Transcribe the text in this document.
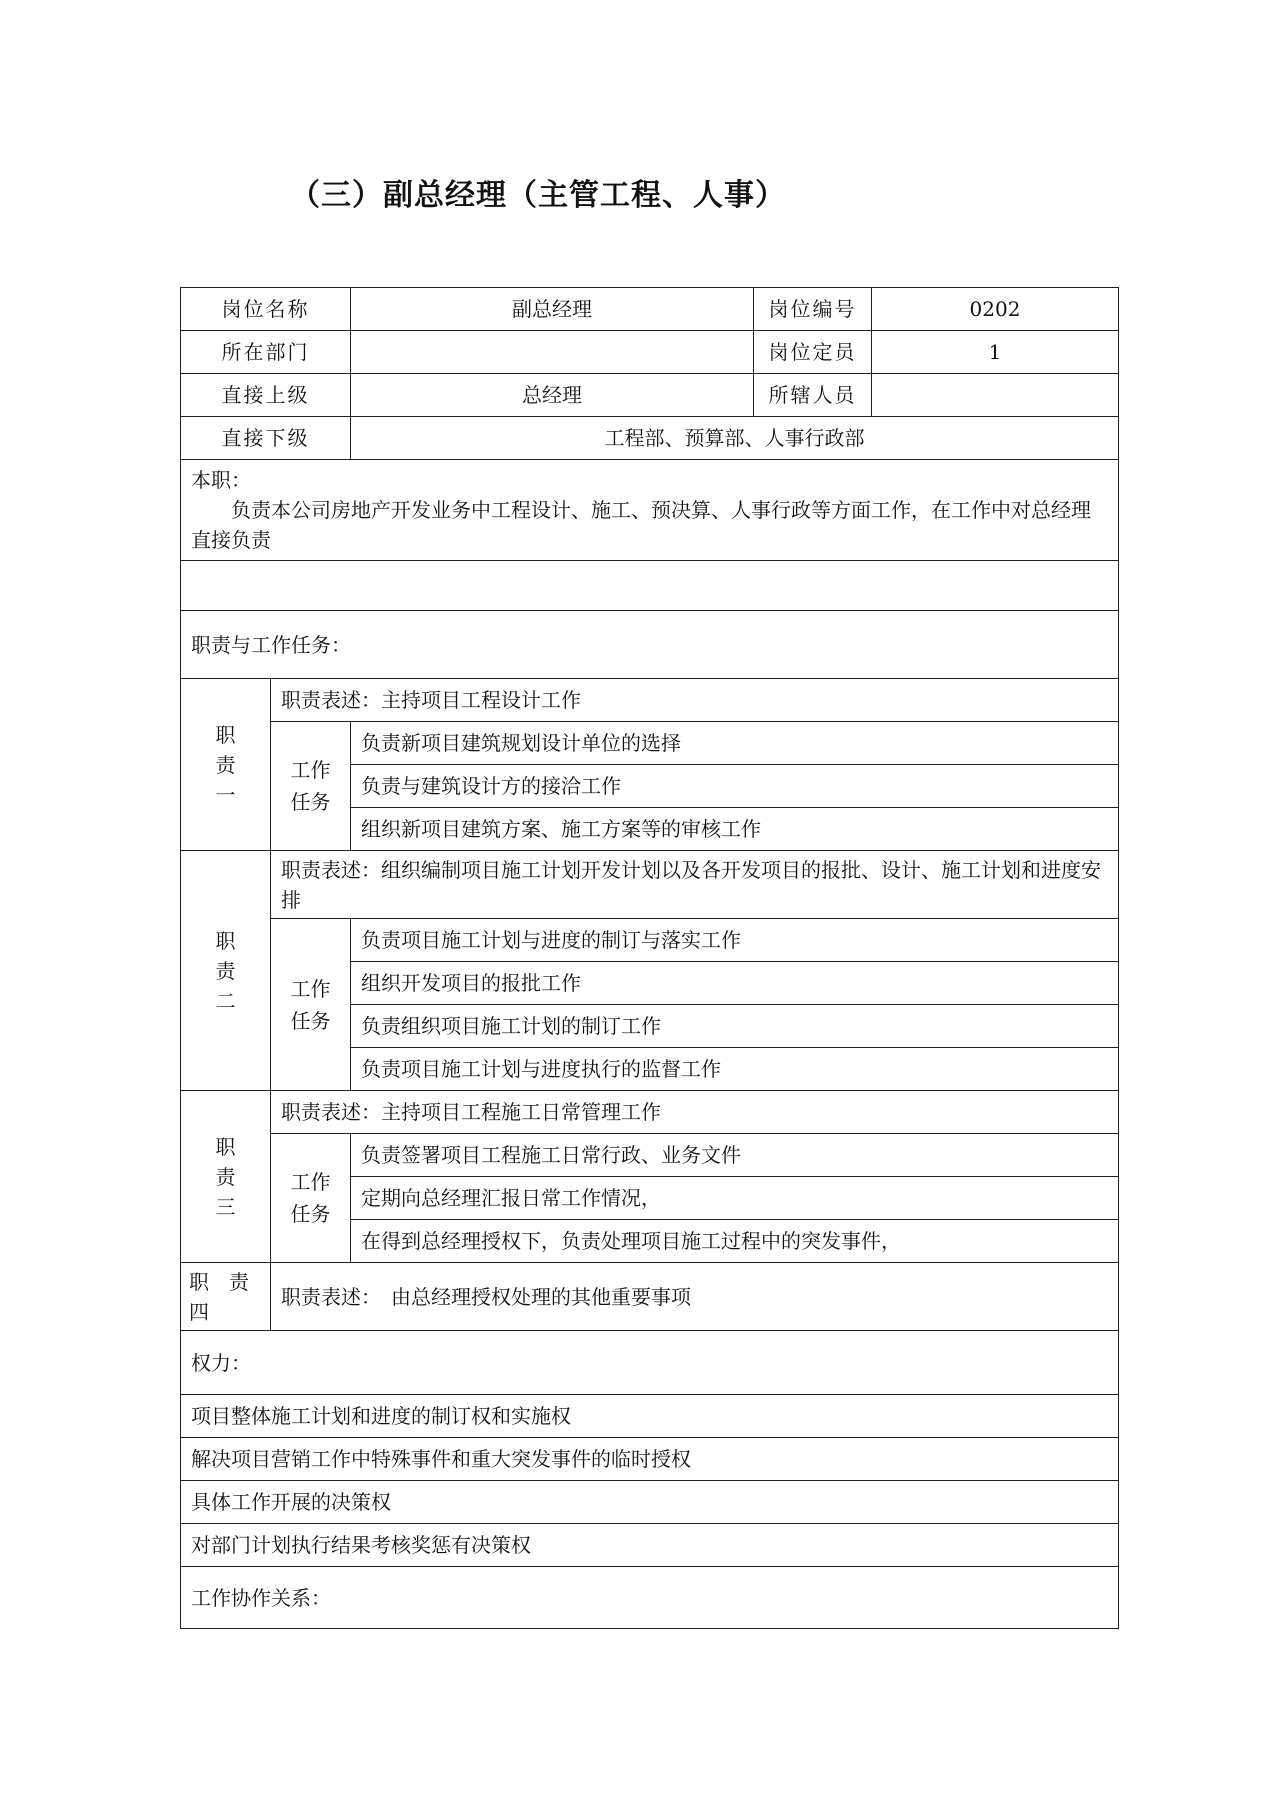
（三）副总经理（主管工程、人事）
岗位名称		副总经理	岗位编号	0202
所在部门			岗位定员	1
直接上级		总经理	所辖人员	
直接下级		工程部、预算部、人事行政部		
本职：

负责本公司房地产开发业务中工程设计、施工、预决算、人事行政等方面工作，在工作中对总经理直接负责				

职责与工作任务：				

职责一	职责表述：主持项目工程设计工作			

	工作任务	负责新项目建筑规划设计单位的选择		
		负责与建筑设计方的接洽工作		
		组织新项目建筑方案、施工方案等的审核工作		

职责二	职责表述：组织编制项目施工计划开发计划以及各开发项目的报批、设计、施工计划和进度安排			

	工作任务	负责项目施工计划与进度的制订与落实工作		
		组织开发项目的报批工作		
		负责组织项目施工计划的制订工作		
		负责项目施工计划与进度执行的监督工作		

职责三	职责表述：主持项目工程施工日常管理工作			

	工作任务	负责签署项目工程施工日常行政、业务文件		
		定期向总经理汇报日常工作情况，		
		在得到总经理授权下，负责处理项目施工过程中的突发事件，		
职　责四	职责表述：　由总经理授权处理的其他重要事项			
权力：				
项目整体施工计划和进度的制订权和实施权				
解决项目营销工作中特殊事件和重大突发事件的临时授权				
具体工作开展的决策权				
对部门计划执行结果考核奖惩有决策权				
工作协作关系：				
